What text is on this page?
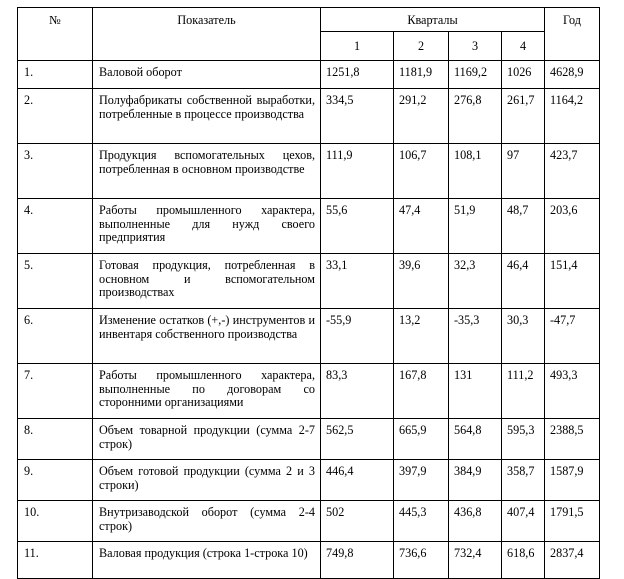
№	Показатель	Кварталы				Год
		1	2	3	4	
1.	Валовой оборот	1251,8	1181,9	1169,2	1026	4628,9
2.	Полуфабрикаты собственной выработки, потребленные в процессе производства	334,5	291,2	276,8	261,7	1164,2
3.	Продукция вспомогательных цехов, потребленная в основном производстве	111,9	106,7	108,1	97	423,7
4.	Работы промышленного характера, выполненные для нужд своего предприятия	55,6	47,4	51,9	48,7	203,6
5.	Готовая продукция, потребленная в основном и вспомогательном производствах	33,1	39,6	32,3	46,4	151,4
6.	Изменение остатков (+,-) инструментов и инвентаря собственного производства	-55,9	13,2	-35,3	30,3	-47,7
7.	Работы промышленного характера, выполненные по договорам со сторонними организациями	83,3	167,8	131	111,2	493,3
8.	Объем товарной продукции (сумма 2-7 строк)	562,5	665,9	564,8	595,3	2388,5
9.	Объем готовой продукции (сумма 2 и 3 строки)	446,4	397,9	384,9	358,7	1587,9
10.	Внутризаводской оборот (сумма 2-4 строк)	502	445,3	436,8	407,4	1791,5
11.	Валовая продукция (строка 1-строка 10)	749,8	736,6	732,4	618,6	2837,4
